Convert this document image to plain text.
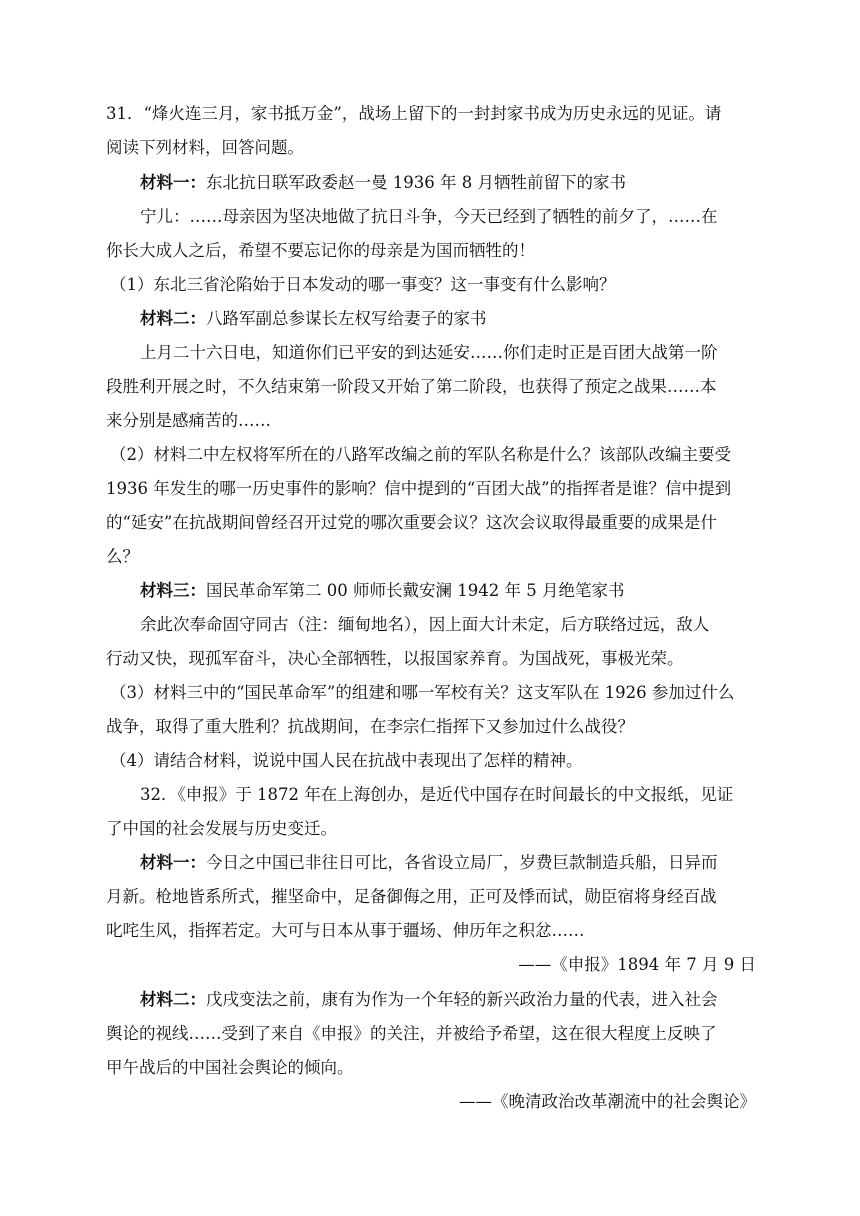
31．“烽火连三月，家书抵万金”，战场上留下的一封封家书成为历史永远的见证。请
阅读下列材料，回答问题。
材料一：东北抗日联军政委赵一曼 1936 年 8 月牺牲前留下的家书
宁儿：……母亲因为坚决地做了抗日斗争，今天已经到了牺牲的前夕了，……在
你长大成人之后，希望不要忘记你的母亲是为国而牺牲的！
（1）东北三省沦陷始于日本发动的哪一事变？这一事变有什么影响？
材料二：八路军副总参谋长左权写给妻子的家书
上月二十六日电，知道你们已平安的到达延安……你们走时正是百团大战第一阶
段胜利开展之时，不久结束第一阶段又开始了第二阶段，也获得了预定之战果……本
来分别是感痛苦的……
（2）材料二中左权将军所在的八路军改编之前的军队名称是什么？该部队改编主要受
1936 年发生的哪一历史事件的影响？信中提到的“百团大战”的指挥者是谁？信中提到
的“延安”在抗战期间曾经召开过党的哪次重要会议？这次会议取得最重要的成果是什
么？
材料三：国民革命军第二 00 师师长戴安澜 1942 年 5 月绝笔家书
余此次奉命固守同古（注：缅甸地名），因上面大计未定，后方联络过远，敌人
行动又快，现孤军奋斗，决心全部牺牲，以报国家养育。为国战死，事极光荣。
（3）材料三中的“国民革命军”的组建和哪一军校有关？这支军队在 1926 参加过什么
战争，取得了重大胜利？抗战期间，在李宗仁指挥下又参加过什么战役？
（4）请结合材料，说说中国人民在抗战中表现出了怎样的精神。
32．《申报》于 1872 年在上海创办，是近代中国存在时间最长的中文报纸，见证
了中国的社会发展与历史变迁。
材料一：今日之中国已非往日可比，各省设立局厂，岁费巨款制造兵船，日异而
月新。枪地皆系所式，摧坚命中，足备御侮之用，正可及悸而试，勋臣宿将身经百战
叱咤生风，指挥若定。大可与日本从事于疆场、伸历年之积忿……
——《申报》1894 年 7 月 9 日
材料二：戊戌变法之前，康有为作为一个年轻的新兴政治力量的代表，进入社会
舆论的视线……受到了来自《申报》的关注，并被给予希望，这在很大程度上反映了
甲午战后的中国社会舆论的倾向。
——《晚清政治改革潮流中的社会舆论》
